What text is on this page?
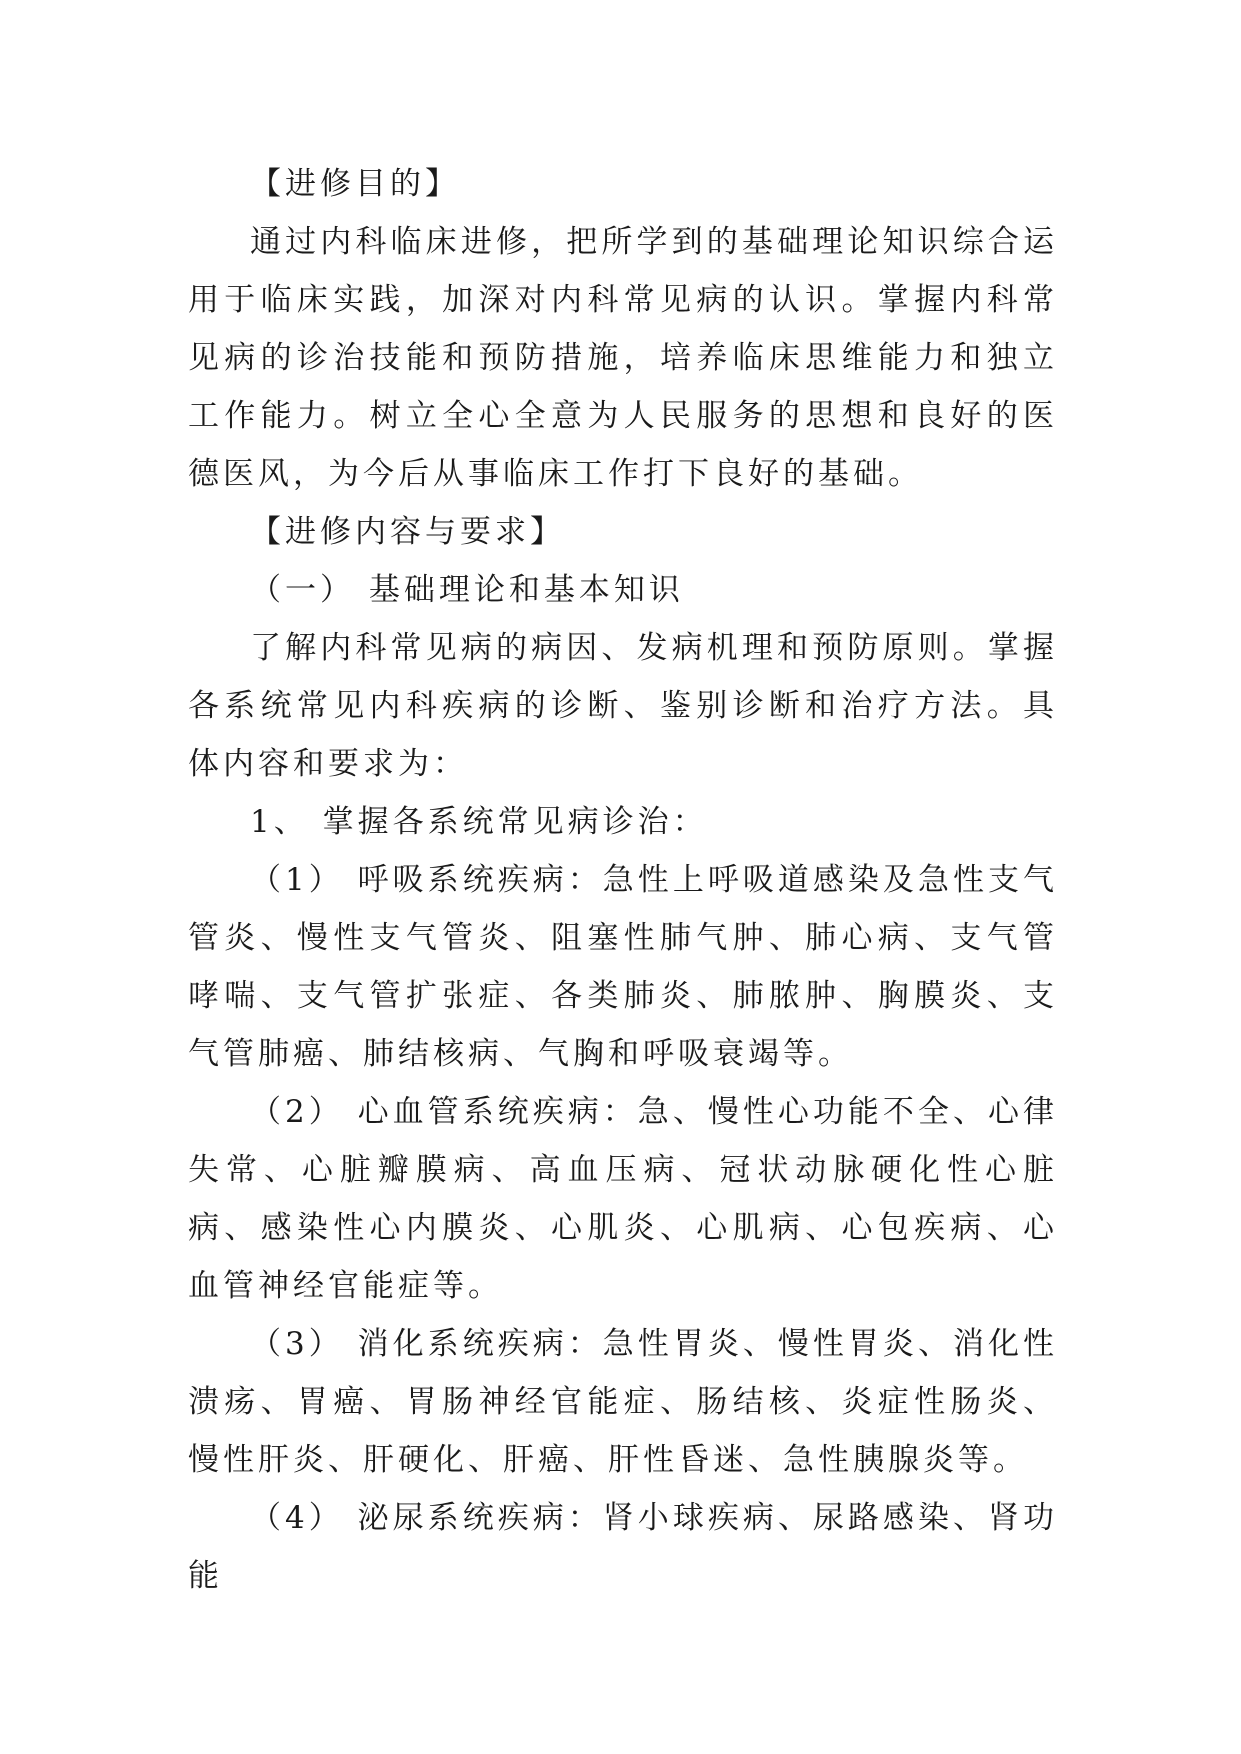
【进修目的】

通过内科临床进修，把所学到的基础理论知识综合运用于临床实践，加深对内科常见病的认识。掌握内科常见病的诊治技能和预防措施，培养临床思维能力和独立工作能力。树立全心全意为人民服务的思想和良好的医德医风，为今后从事临床工作打下良好的基础。

【进修内容与要求】

（一） 基础理论和基本知识

了解内科常见病的病因、发病机理和预防原则。掌握各系统常见内科疾病的诊断、鉴别诊断和治疗方法。具体内容和要求为：

1、 掌握各系统常见病诊治：

（1） 呼吸系统疾病：急性上呼吸道感染及急性支气管炎、慢性支气管炎、阻塞性肺气肿、肺心病、支气管哮喘、支气管扩张症、各类肺炎、肺脓肿、胸膜炎、支气管肺癌、肺结核病、气胸和呼吸衰竭等。

（2） 心血管系统疾病：急、慢性心功能不全、心律失常、心脏瓣膜病、高血压病、冠状动脉硬化性心脏病、感染性心内膜炎、心肌炎、心肌病、心包疾病、心血管神经官能症等。

（3） 消化系统疾病：急性胃炎、慢性胃炎、消化性溃疡、胃癌、胃肠神经官能症、肠结核、炎症性肠炎、慢性肝炎、肝硬化、肝癌、肝性昏迷、急性胰腺炎等。

（4） 泌尿系统疾病：肾小球疾病、尿路感染、肾功能
